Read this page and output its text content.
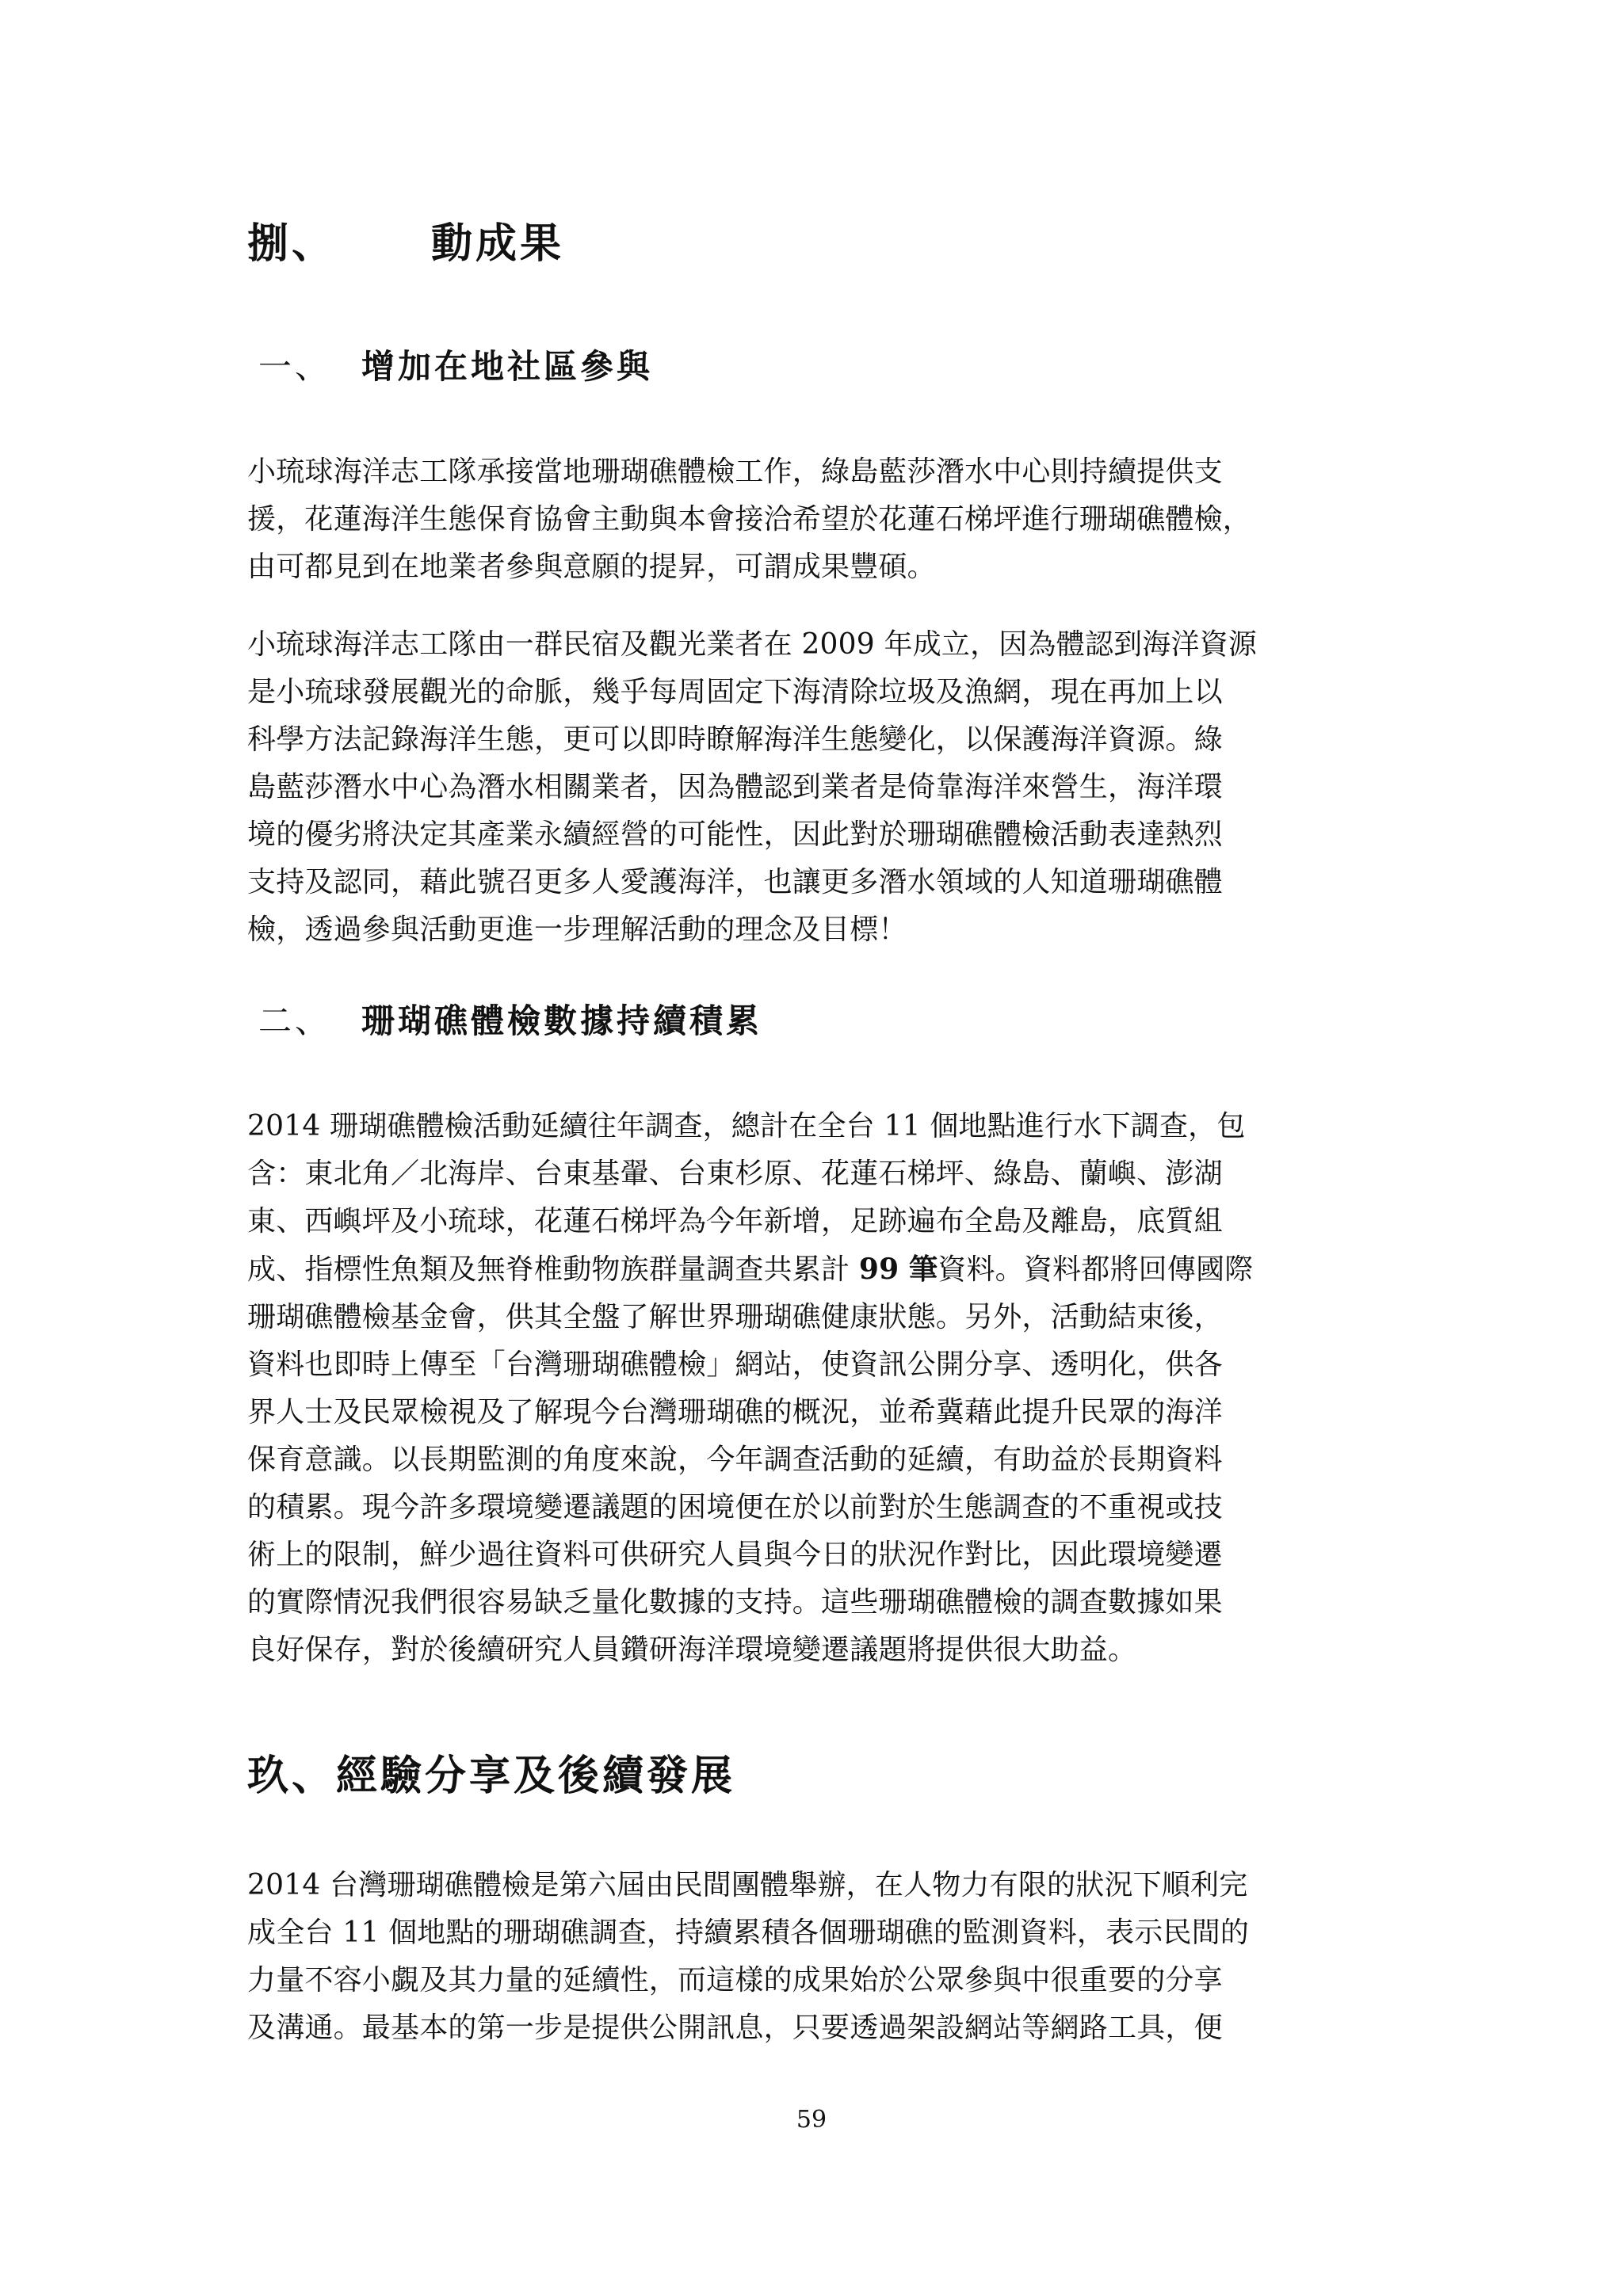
捌、 動成果
一、 增加在地社區參與

小琉球海洋志工隊承接當地珊瑚礁體檢工作，綠島藍莎潛水中心則持續提供支

援，花蓮海洋生態保育協會主動與本會接洽希望於花蓮石梯坪進行珊瑚礁體檢，

由可都見到在地業者參與意願的提昇，可謂成果豐碩。

小琉球海洋志工隊由一群民宿及觀光業者在 2009 年成立，因為體認到海洋資源

是小琉球發展觀光的命脈，幾乎每周固定下海清除垃圾及漁網，現在再加上以

科學方法記錄海洋生態，更可以即時瞭解海洋生態變化，以保護海洋資源。綠

島藍莎潛水中心為潛水相關業者，因為體認到業者是倚靠海洋來營生，海洋環

境的優劣將決定其產業永續經營的可能性，因此對於珊瑚礁體檢活動表達熱烈

支持及認同，藉此號召更多人愛護海洋，也讓更多潛水領域的人知道珊瑚礁體

檢，透過參與活動更進一步理解活動的理念及目標！

二、 珊瑚礁體檢數據持續積累

2014 珊瑚礁體檢活動延續往年調查，總計在全台 11 個地點進行水下調查，包

含：東北角／北海岸、台東基翬、台東杉原、花蓮石梯坪、綠島、蘭嶼、澎湖

東、西嶼坪及小琉球，花蓮石梯坪為今年新增，足跡遍布全島及離島，底質組

成、指標性魚類及無脊椎動物族群量調查共累計 99 筆資料。資料都將回傳國際

珊瑚礁體檢基金會，供其全盤了解世界珊瑚礁健康狀態。另外，活動結束後，

資料也即時上傳至「台灣珊瑚礁體檢」網站，使資訊公開分享、透明化，供各

界人士及民眾檢視及了解現今台灣珊瑚礁的概況，並希冀藉此提升民眾的海洋

保育意識。以長期監測的角度來說，今年調查活動的延續，有助益於長期資料

的積累。現今許多環境變遷議題的困境便在於以前對於生態調查的不重視或技

術上的限制，鮮少過往資料可供研究人員與今日的狀況作對比，因此環境變遷

的實際情況我們很容易缺乏量化數據的支持。這些珊瑚礁體檢的調查數據如果

良好保存，對於後續研究人員鑽研海洋環境變遷議題將提供很大助益。

玖、經驗分享及後續發展

2014 台灣珊瑚礁體檢是第六屆由民間團體舉辦，在人物力有限的狀況下順利完

成全台 11 個地點的珊瑚礁調查，持續累積各個珊瑚礁的監測資料，表示民間的

力量不容小覷及其力量的延續性，而這樣的成果始於公眾參與中很重要的分享

及溝通。最基本的第一步是提供公開訊息，只要透過架設網站等網路工具，便

59
